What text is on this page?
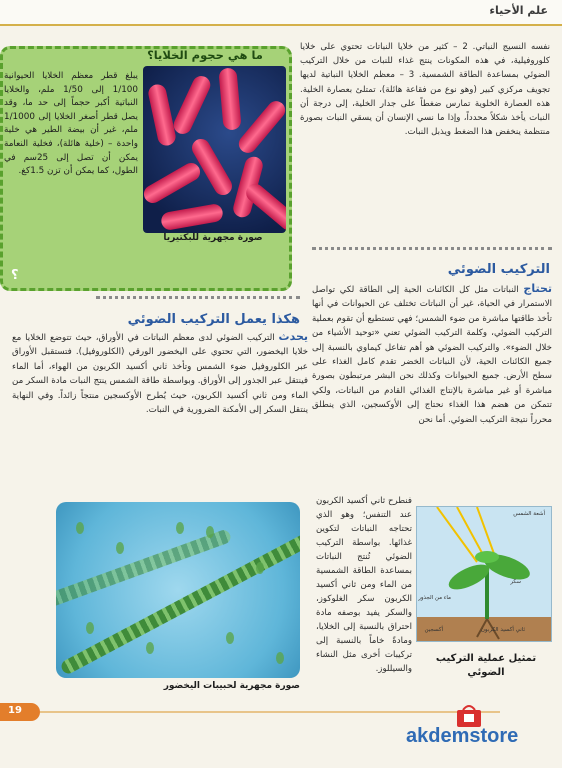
علم الأحياء
ما هي حجوم الخلايا؟
يبلغ قطر معظم الخلايا الحيوانية 1/100 إلى 1/50 ملم، والخلايا النباتية أكبر حجماً إلى حد ما، وقد يصل قطر أصغر الخلايا إلى 1/1000 ملم، غير أن بيضة الطير هي خلية واحدة – (خلية هائلة)، فخلية النعامة يمكن أن تصل إلى 25سم في الطول، كما يمكن أن تزن 1.5كغ.
صورة مجهرية للبكتيريا
؟
نفسه النسيج النباتي. 2 – كثير من خلايا النباتات تحتوي على خلايا كلوروفيلية، في هذه المكونات ينتج غذاء للنبات من خلال التركيب الضوئي بمساعدة الطاقة الشمسية. 3 – معظم الخلايا النباتية لديها تجويف مركزي كبير (وهو نوع من فقاعة هائلة)، تمتلئ بعصارة الخلية. هذه العصارة الخلوية تمارس ضغطاً على جدار الخلية، إلى درجة أن النبات يأخذ شكلاً محدداً، وإذا ما نسي الإنسان أن يسقي النبات بصورة منتظمة ينخفض هذا الضغط ويذبل النبات.
التركيب الضوئي
تحتاج النباتات مثل كل الكائنات الحية إلى الطاقة لكي تواصل الاستمرار في الحياة، غير أن النباتات تختلف عن الحيوانات في أنها تأخذ طاقتها مباشرة من ضوء الشمس؛ فهي تستطيع أن تقوم بعملية التركيب الضوئي، وكلمة التركيب الضوئي تعني «توحيد الأشياء من خلال الضوء». والتركيب الضوئي هو أهم تفاعل كيماوي بالنسبة إلى جميع الكائنات الحية، لأن النباتات الخضر تقدم كامل الغذاء على سطح الأرض. جميع الحيوانات وكذلك نحن البشر مرتبطون بصورة مباشرة أو غير مباشرة بالإنتاج الغذائي القادم من النباتات، ولكي تتمكن من هضم هذا الغذاء نحتاج إلى الأوكسجين، الذي ينطلق محرراً نتيجة التركيب الضوئي. أما نحن
هكذا يعمل التركيب الضوئي
يحدث التركيب الضوئي لدى معظم النباتات في الأوراق، حيث تتوضع الخلايا مع خلايا اليخضور، التي تحتوي على اليخضور الورقي (الكلوروفيل). فتستقبل الأوراق عبر الكلوروفيل ضوء الشمس وتأخذ ثاني أكسيد الكربون من الهواء، أما الماء فينتقل عبر الجذور إلى الأوراق. وبواسطة طاقة الشمس ينتج النبات مادة السكر من الماء ومن ثاني أكسيد الكربون، حيث يُطرح الأوكسجين منتجاً زائداً. وفي النهاية ينتقل السكر إلى الأمكنة الضرورية في النبات.
صورة مجهرية لحبيبات اليخضور
فنطرح ثاني أكسيد الكربون عند التنفس؛ وهو الذي تحتاجه النباتات لتكوين غذائها. بواسطة التركيب الضوئي تُنتج النباتات بمساعدة الطاقة الشمسية من الماء ومن ثاني أكسيد الكربون سكر الغلوكوز، والسكر يفيد بوصفه مادة احتراق بالنسبة إلى الخلايا، ومادةً خاماً بالنسبة إلى تركيبات أخرى مثل النشاء والسيللوز.
أشعة الشمس
سكر
ماء من الجذور
ثاني أكسيد الكربون
أكسجين
تمثيل عملية التركيب الضوئي
19
akdemstore
